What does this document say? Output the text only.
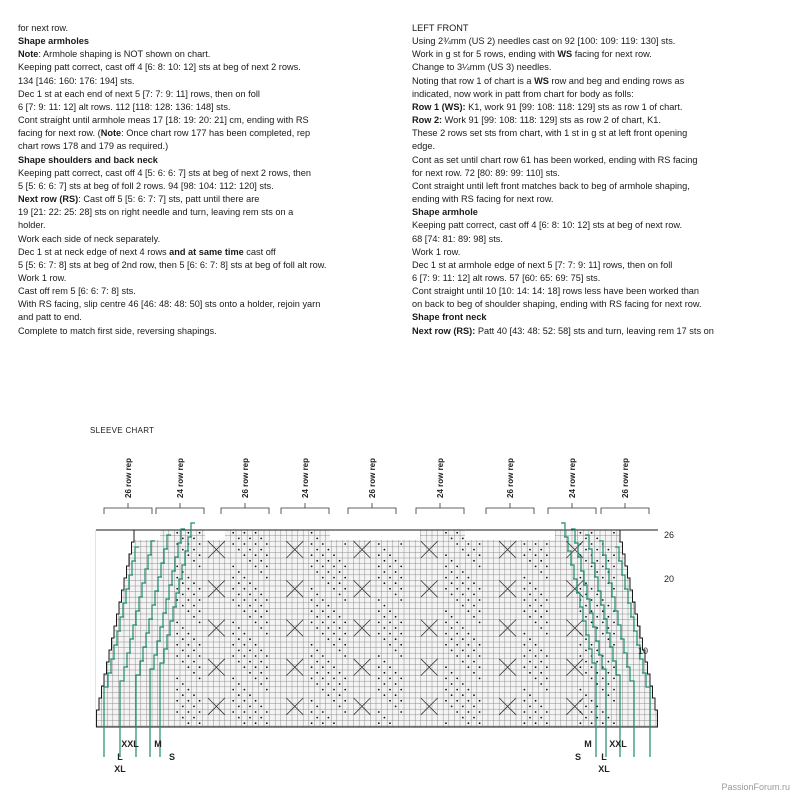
for next row.
Shape armholes
Note: Armhole shaping is NOT shown on chart.
Keeping patt correct, cast off 4 [6: 8: 10: 12] sts at beg of next 2 rows.
134 [146: 160: 176: 194] sts.
Dec 1 st at each end of next 5 [7: 7: 9: 11] rows, then on foll
6 [7: 9: 11: 12] alt rows. 112 [118: 128: 136: 148] sts.
Cont straight until armhole meas 17 [18: 19: 20: 21] cm, ending with RS
facing for next row. (Note: Once chart row 177 has been completed, rep
chart rows 178 and 179 as required.)
Shape shoulders and back neck
Keeping patt correct, cast off 4 [5: 6: 6: 7] sts at beg of next 2 rows, then
5 [5: 6: 6: 7] sts at beg of foll 2 rows. 94 [98: 104: 112: 120] sts.
Next row (RS): Cast off 5 [5: 6: 7: 7] sts, patt until there are
19 [21: 22: 25: 28] sts on right needle and turn, leaving rem sts on a
holder.
Work each side of neck separately.
Dec 1 st at neck edge of next 4 rows and at same time cast off
5 [5: 6: 7: 8] sts at beg of 2nd row, then 5 [6: 6: 7: 8] sts at beg of foll alt row.
Work 1 row.
Cast off rem 5 [6: 6: 7: 8] sts.
With RS facing, slip centre 46 [46: 48: 48: 50] sts onto a holder, rejoin yarn
and patt to end.
Complete to match first side, reversing shapings.
LEFT FRONT
Using 2¾mm (US 2) needles cast on 92 [100: 109: 119: 130] sts.
Work in g st for 5 rows, ending with WS facing for next row.
Change to 3¼mm (US 3) needles.
Noting that row 1 of chart is a WS row and beg and ending rows as
indicated, now work in patt from chart for body as folls:
Row 1 (WS): K1, work 91 [99: 108: 118: 129] sts as row 1 of chart.
Row 2: Work 91 [99: 108: 118: 129] sts as row 2 of chart, K1.
These 2 rows set sts from chart, with 1 st in g st at left front opening
edge.
Cont as set until chart row 61 has been worked, ending with RS facing
for next row. 72 [80: 89: 99: 110] sts.
Cont straight until left front matches back to beg of armhole shaping,
ending with RS facing for next row.
Shape armhole
Keeping patt correct, cast off 4 [6: 8: 10: 12] sts at beg of next row.
68 [74: 81: 89: 98] sts.
Work 1 row.
Dec 1 st at armhole edge of next 5 [7: 7: 9: 11] rows, then on foll
6 [7: 9: 11: 12] alt rows. 57 [60: 65: 69: 75] sts.
Cont straight until 10 [10: 14: 14: 18] rows less have been worked than
on back to beg of shoulder shaping, ending with RS facing for next row.
Shape front neck
Next row (RS): Patt 40 [43: 48: 52: 58] sts and turn, leaving rem 17 sts on
SLEEVE CHART
26 row rep	24 row rep	26 row rep	24 row rep	26 row rep	24 row rep	26 row rep	24 row rep	26 row rep
26
20
10
XXL M
L	S
XL
M XXL
S L
XL
PassionForum.ru
